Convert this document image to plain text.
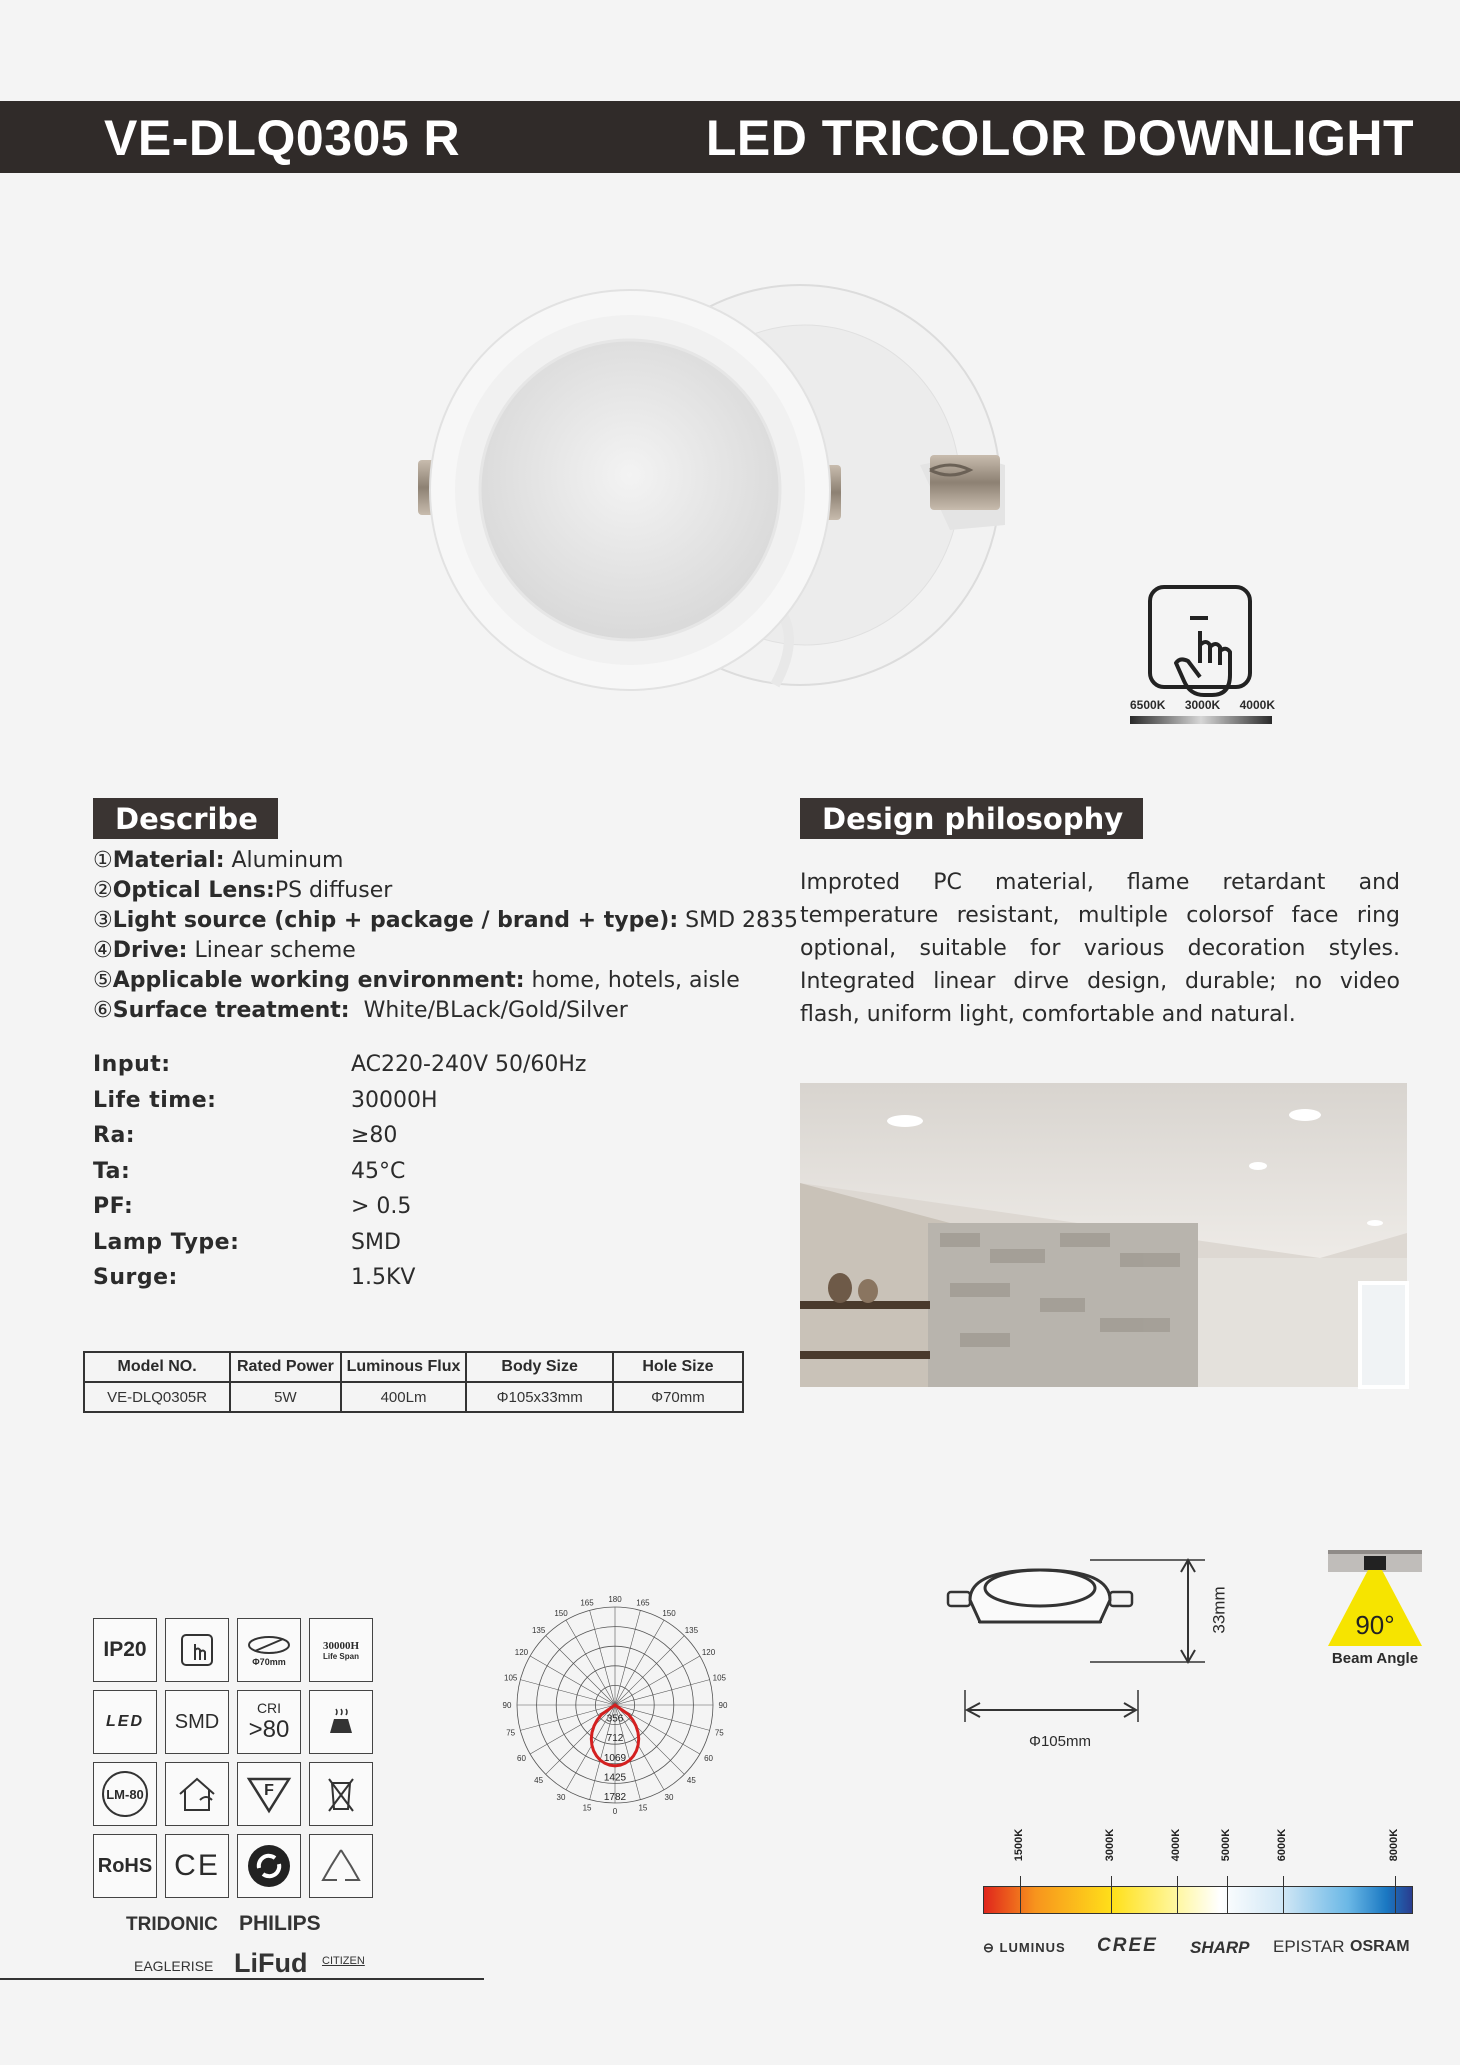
VE-DLQ0305 R	LED TRICOLOR DOWNLIGHT
6500K 3000K 4000K
Describe
①Material: Aluminum
②Optical Lens:PS diffuser
③Light source (chip + package / brand + type): SMD 2835
④Drive: Linear scheme
⑤Applicable working environment: home, hotels, aisle
⑥Surface treatment:  White/BLack/Gold/Silver
Input:	AC220-240V 50/60Hz
Life time:	30000H
Ra:	≥80
Ta:	45°C
PF:	> 0.5
Lamp Type:	SMD
Surge:	1.5KV
Model NO.	Rated Power	Luminous Flux	Body Size	Hole Size
VE-DLQ0305R	5W	400Lm	Φ105x33mm	Φ70mm
Design philosophy
Improted PC material, flame retardant and temperature resistant, multiple colorsof face ring optional, suitable for various decoration styles. Integrated linear dirve design, durable; no video flash, uniform light, comfortable and natural.
IP20
Φ70mm
30000H
Life Span
LED SMD
CRI
>80
LM-80	F
RoHS CE
TRIDONIC PHILIPS
EAGLERISE LiFud CITIZEN
180 165
165
150
150
135
135
120
120
105
105
90
90
75
75
60
60
45
45
30
30
15
15	0
356
712
1069
1425
1782
33mm
Φ105mm
90°
Beam Angle
1500K	3000K	4000K	5000K	6000K	8000K
⊖ LUMINUS CREE SHARP EPISTAR OSRAM
